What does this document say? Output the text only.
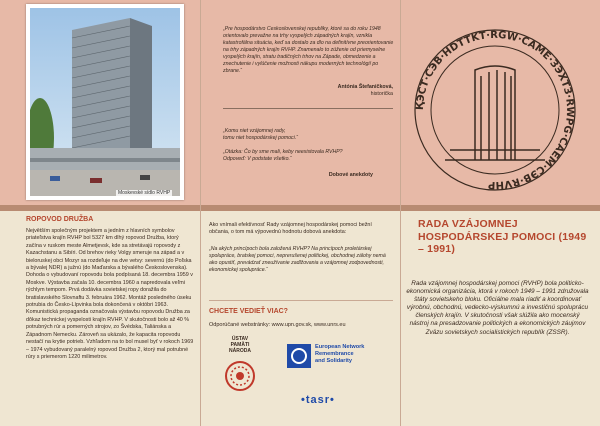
Moskevské sídlo RVHP
ROPOVOD DRUŽBA
Největším společným projektem a jedním z hlavních symbolov priateľstva krajín RVHP bol 5327 km dlhý ropovod Družba, ktorý začína v ruskom meste Almetjevsk, kde sa stretávajú ropovody z Kazachstanu a Sibíri. Od brehov rieky Volgy smeruje na západ a v bieloruskej obci Mozyr sa rozdeľuje na dve vetvy: severnú (do Poľska a bývalej NDR) a južnú (do Maďarska a bývalého Československa). Dohoda o vybudovaní ropovodu bola podpísaná 18. decembra 1959 v Moskve. Výstavba začala 10. decembra 1960 a napredovala veľmi rýchlym tempom. Prvá dodávka sovietskej ropy doražila do bratislavského Slovnaftu 3. februára 1962. Montáž posledného úseku potrubia do Česko-Lípvinka bola dokončená v októbri 1963. Komunistická propaganda označovala výstavbu ropovodu Družba za dôkaz technickej vyspelosti krajín RVHP. V skutočnosti bolo až 40 % potrubných rúr a pomerných strojov, zo Švédska, Taliánska a Západnom Nemecku. Zároveň sa ukázalo, že kapacita ropovodu nestačí na krytie potrieb. Vzhľadom na to bol musel byť v rokoch 1969 – 1974 vybudovaný paralelný ropovod Družba 2, ktorý mal potrubné rúry s priemerom 1220 milimetrov.
„Pre hospodárstvo Československej republiky, ktoré sa do roku 1948 orientovalo prevažne na trhy vyspelých západných krajín, vznikla katastrofálna situácia, keď sa dostalo za dlo na definitívne preorientovanie na trhy západných krajín RVHP. Znamenalo to zúženie od priemyselne vyspelých krajín, stratu tradičných trhov na Západe, obmedzenie a znechutenie i vylúčenie možnosti nákupu moderných technológií po zbrane.“
Antónia Štefaničková,
historička
„Komu niet vzájomnej rady,
tomu niet hospodárskej pomoci.“

„Otázka: Čo by sme mali, keby neexistovala RVHP?
Odpoveď: V podstate všetko.“
Dobové anekdoty
Ako vnímali efektívnosť Rady vzájomnej hospodárskej pomoci bežní občania, o tom má výpovednú hodnotu dobová anekdota:
„Na akých princípoch bola založená RVHP? Na princípoch proletárskej spolupráce, bratskej pomoci, neprerušenej politickej, obchodnej zálohy nemá ako opustiť, prevádzať zneužívanie zadlžovania a vzájomnej zodpovednosti, ekonomickej spolupráce.“
CHCETE VEDIEŤ VIAC?
Odporúčané webstránky: www.upn.gov.sk, www.unrs.eu
ÚSTAV
PAMÄTI
NÁRODA
European Network
Remembrance
and Solidarity
•tasr•
ҚЭСТ·СЭВ·HDTTKT·RGW·CAME·ЗЭХТЗ·RWPG·CAEM·СЭВ·RVHP
RADA VZÁJOMNEJ HOSPODÁRSKEJ POMOCI (1949 – 1991)
Rada vzájomnej hospodárskej pomoci (RVHP) bola politicko-ekonomická organizácia, ktorá v rokoch 1949 – 1991 združovala štáty sovietskeho bloku. Oficiálne mala riadiť a koordinovať výrobnú, obchodnú, vedecko-výskumnú a investičnú spoluprácu členských krajín. V skutočnosti však slúžila ako mocenský nástroj na presadzovanie politických a ekonomických záujmov Zväzu sovietskych socialistických republík (ZSSR).
